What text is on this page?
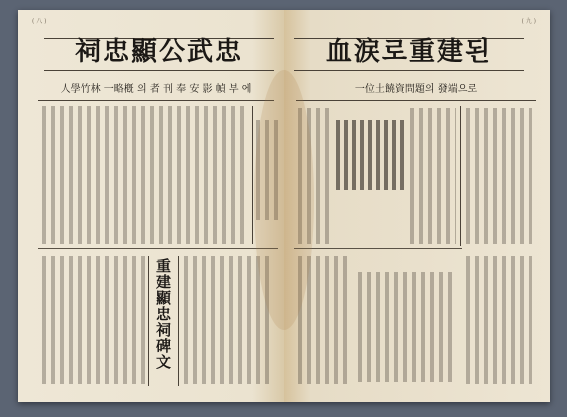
( 八 )
祠忠顯公武忠
人學竹林 一略槪 의 者 刊 奉 安 影 幀 부 에
重建顯忠祠碑文
( 九 )
血涙로重建된
一位土饒資問題의 發端으로
